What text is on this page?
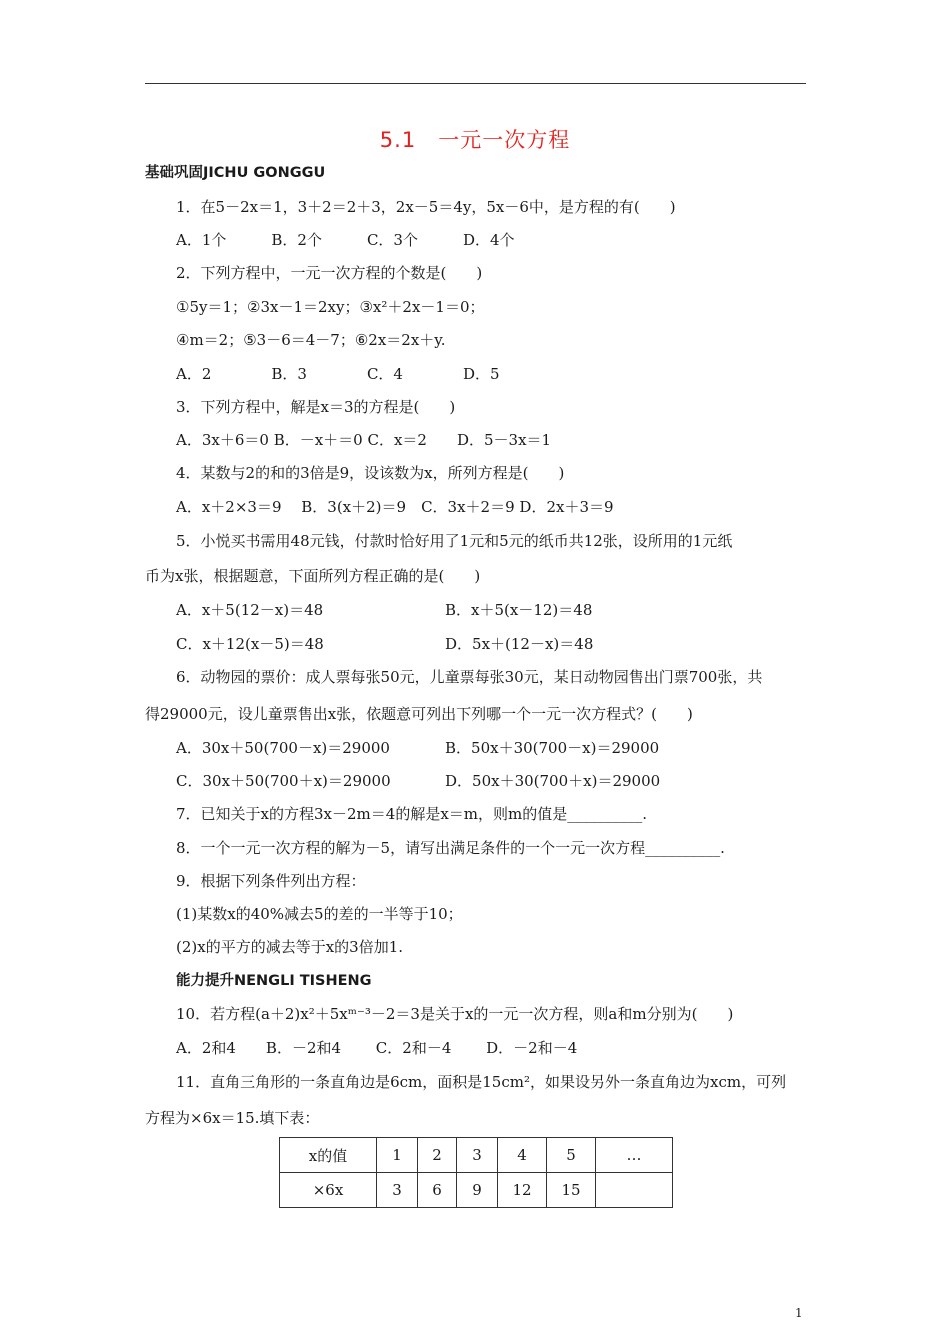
5.1　一元一次方程
基础巩固JICHU GONGGU
1．在5－2x＝1，3＋2＝2＋3，2x－5＝4y，5x－6中，是方程的有(　　)
A．1个　　　B．2个　　　C．3个　　　D．4个
2．下列方程中，一元一次方程的个数是(　　)
①5y＝1；②3x－1＝2xy；③x²＋2x－1＝0；
④m＝2；⑤3－6＝4－7；⑥2x＝2x＋y.
A．2　　　　B．3　　　　C．4　　　　D．5
3．下列方程中，解是x＝3的方程是(　　)
A．3x＋6＝0 B．－x＋＝0 C．x＝2　　D．5－3x＝1
4．某数与2的和的3倍是9，设该数为x，所列方程是(　　)
A．x＋2×3＝9　 B．3(x＋2)＝9　C．3x＋2＝9 D．2x＋3＝9
5．小悦买书需用48元钱，付款时恰好用了1元和5元的纸币共12张，设所用的1元纸
币为x张，根据题意，下面所列方程正确的是(　　)
A．x＋5(12－x)＝48	B．x＋5(x－12)＝48
C．x＋12(x－5)＝48	D．5x＋(12－x)＝48
6．动物园的票价：成人票每张50元，儿童票每张30元，某日动物园售出门票700张，共
得29000元，设儿童票售出x张，依题意可列出下列哪一个一元一次方程式？(　　)
A．30x＋50(700－x)＝29000	B．50x＋30(700－x)＝29000
C．30x＋50(700＋x)＝29000	D．50x＋30(700＋x)＝29000
7．已知关于x的方程3x－2m＝4的解是x＝m，则m的值是__________.
8．一个一元一次方程的解为－5，请写出满足条件的一个一元一次方程__________.
9．根据下列条件列出方程：
(1)某数x的40%减去5的差的一半等于10；
(2)x的平方的减去等于x的3倍加1.
能力提升NENGLI TISHENG
10．若方程(a＋2)x²＋5xᵐ⁻³－2＝3是关于x的一元一次方程，则a和m分别为(　　)
A．2和4　　B．－2和4　　 C．2和－4　　 D．－2和－4
11．直角三角形的一条直角边是6cm，面积是15cm²，如果设另外一条直角边为xcm，可列
方程为×6x＝15.填下表：
x的值	1	2	3	4	5	…
×6x	3	6	9	12	15	
1
